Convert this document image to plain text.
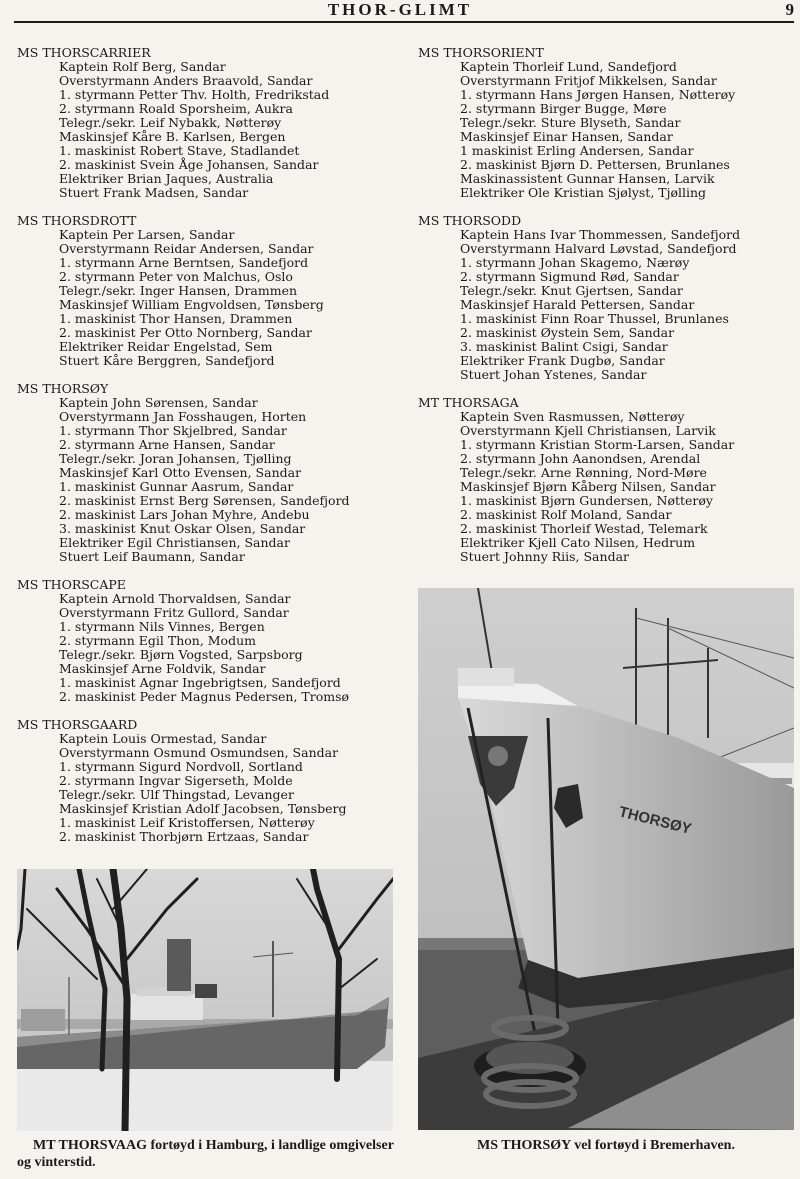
THOR-GLIMT	9
MS THORSCARRIER
Kaptein Rolf Berg, Sandar
Overstyrmann Anders Braavold, Sandar
1. styrmann Petter Thv. Holth, Fredrikstad
2. styrmann Roald Sporsheim, Aukra
Telegr./sekr. Leif Nybakk, Nøtterøy
Maskinsjef Kåre B. Karlsen, Bergen
1. maskinist Robert Stave, Stadlandet
2. maskinist Svein Åge Johansen, Sandar
Elektriker Brian Jaques, Australia
Stuert Frank Madsen, Sandar
MS THORSDROTT
Kaptein Per Larsen, Sandar
Overstyrmann Reidar Andersen, Sandar
1. styrmann Arne Berntsen, Sandefjord
2. styrmann Peter von Malchus, Oslo
Telegr./sekr. Inger Hansen, Drammen
Maskinsjef William Engvoldsen, Tønsberg
1. maskinist Thor Hansen, Drammen
2. maskinist Per Otto Nornberg, Sandar
Elektriker Reidar Engelstad, Sem
Stuert Kåre Berggren, Sandefjord
MS THORSØY
Kaptein John Sørensen, Sandar
Overstyrmann Jan Fosshaugen, Horten
1. styrmann Thor Skjelbred, Sandar
2. styrmann Arne Hansen, Sandar
Telegr./sekr. Joran Johansen, Tjølling
Maskinsjef Karl Otto Evensen, Sandar
1. maskinist Gunnar Aasrum, Sandar
2. maskinist Ernst Berg Sørensen, Sandefjord
2. maskinist Lars Johan Myhre, Andebu
3. maskinist Knut Oskar Olsen, Sandar
Elektriker Egil Christiansen, Sandar
Stuert Leif Baumann, Sandar
MS THORSCAPE
Kaptein Arnold Thorvaldsen, Sandar
Overstyrmann Fritz Gullord, Sandar
1. styrmann Nils Vinnes, Bergen
2. styrmann Egil Thon, Modum
Telegr./sekr. Bjørn Vogsted, Sarpsborg
Maskinsjef Arne Foldvik, Sandar
1. maskinist Agnar Ingebrigtsen, Sandefjord
2. maskinist Peder Magnus Pedersen, Tromsø
MS THORSGAARD
Kaptein Louis Ormestad, Sandar
Overstyrmann Osmund Osmundsen, Sandar
1. styrmann Sigurd Nordvoll, Sortland
2. styrmann Ingvar Sigerseth, Molde
Telegr./sekr. Ulf Thingstad, Levanger
Maskinsjef Kristian Adolf Jacobsen, Tønsberg
1. maskinist Leif Kristoffersen, Nøtterøy
2. maskinist Thorbjørn Ertzaas, Sandar
MS THORSORIENT
Kaptein Thorleif Lund, Sandefjord
Overstyrmann Fritjof Mikkelsen, Sandar
1. styrmann Hans Jørgen Hansen, Nøtterøy
2. styrmann Birger Bugge, Møre
Telegr./sekr. Sture Blyseth, Sandar
Maskinsjef Einar Hansen, Sandar
1 maskinist Erling Andersen, Sandar
2. maskinist Bjørn D. Pettersen, Brunlanes
Maskinassistent Gunnar Hansen, Larvik
Elektriker Ole Kristian Sjølyst, Tjølling
MS THORSODD
Kaptein Hans Ivar Thommessen, Sandefjord
Overstyrmann Halvard Løvstad, Sandefjord
1. styrmann Johan Skagemo, Nærøy
2. styrmann Sigmund Rød, Sandar
Telegr./sekr. Knut Gjertsen, Sandar
Maskinsjef Harald Pettersen, Sandar
1. maskinist Finn Roar Thussel, Brunlanes
2. maskinist Øystein Sem, Sandar
3. maskinist Balint Csigi, Sandar
Elektriker Frank Dugbø, Sandar
Stuert Johan Ystenes, Sandar
MT THORSAGA
Kaptein Sven Rasmussen, Nøtterøy
Overstyrmann Kjell Christiansen, Larvik
1. styrmann Kristian Storm-Larsen, Sandar
2. styrmann John Aanondsen, Arendal
Telegr./sekr. Arne Rønning, Nord-Møre
Maskinsjef Bjørn Kåberg Nilsen, Sandar
1. maskinist Bjørn Gundersen, Nøtterøy
2. maskinist Rolf Moland, Sandar
2. maskinist Thorleif Westad, Telemark
Elektriker Kjell Cato Nilsen, Hedrum
Stuert Johnny Riis, Sandar
THORSØY
MT THORSVAAG fortøyd i Hamburg, i landlige omgivelser og vinterstid.
MS THORSØY vel fortøyd i Bremerhaven.
